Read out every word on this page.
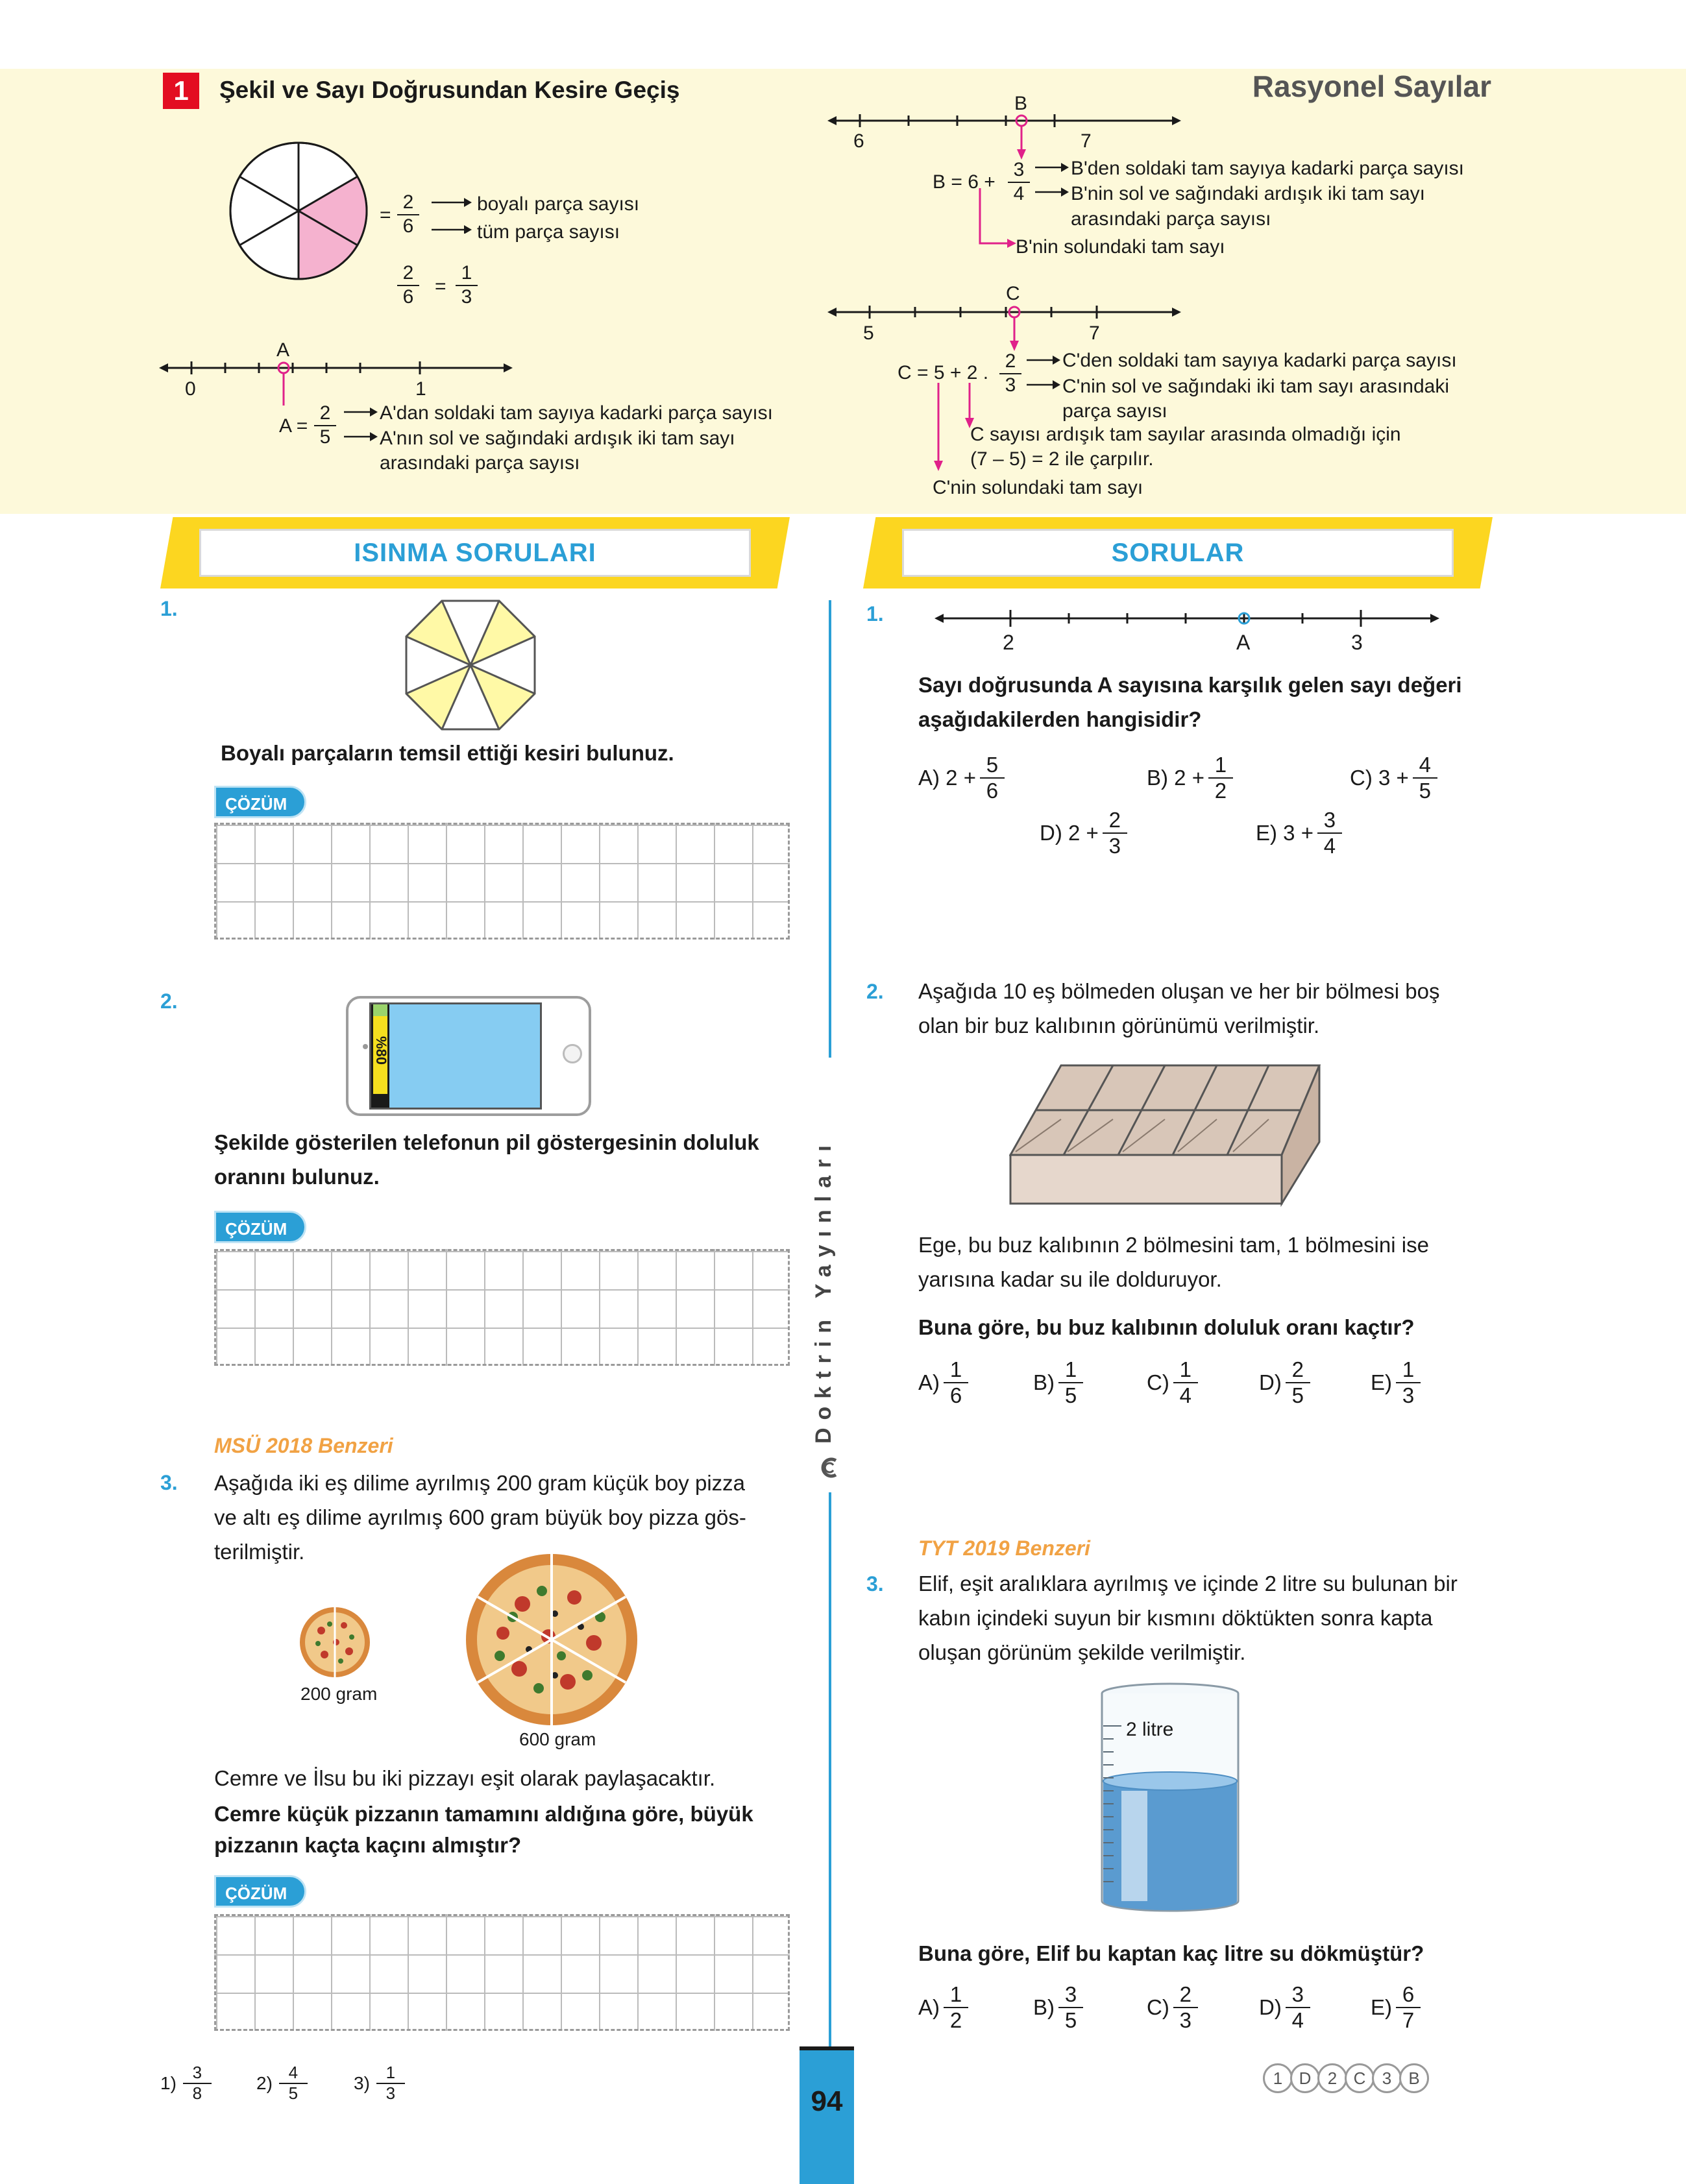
1	Şekil ve Sayı Doğrusundan Kesire Geçiş	Rasyonel Sayılar
=
2
6
boyalı parça sayısı
tüm parça sayısı
2
6 =
1
3
A
0	1
A =
2
5
A'dan soldaki tam sayıya kadarki parça sayısı
A'nın sol ve sağındaki ardışık iki tam sayı
arasındaki parça sayısı
B
6	7
B = 6 +
3
4
B'den soldaki tam sayıya kadarki parça sayısı
B'nin sol ve sağındaki ardışık iki tam sayı
arasındaki parça sayısı
B'nin solundaki tam sayı
C
5	7
C = 5 + 2 .
2
3
C'den soldaki tam sayıya kadarki parça sayısı
C'nin sol ve sağındaki iki tam sayı arasındaki
parça sayısı
C sayısı ardışık tam sayılar arasında olmadığı için
(7 – 5) = 2 ile çarpılır.
C'nin solundaki tam sayı
ISINMA SORULARI	SORULAR
Doktrin Yayınları
1.
Boyalı parçaların temsil ettiği kesiri bulunuz.
ÇÖZÜM
2.
%80
Şekilde gösterilen telefonun pil göstergesinin doluluk oranını bulunuz.
ÇÖZÜM
MSÜ 2018 Benzeri
3. Aşağıda iki eş dilime ayrılmış 200 gram küçük boy pizza
ve altı eş dilime ayrılmış 600 gram büyük boy pizza gös-
terilmiştir.
200 gram
600 gram
Cemre ve İlsu bu iki pizzayı eşit olarak paylaşacaktır.
Cemre küçük pizzanın tamamını aldığına göre, büyük
pizzanın kaçta kaçını almıştır?
ÇÖZÜM
1)
3
8	2)
4
5	3)
1
3	94
1.
2	A	3
Sayı doğrusunda A sayısına karşılık gelen sayı değeri
aşağıdakilerden hangisidir?
A) 2 +
5
6
B) 2 +
1
2
C) 3 +
4
5
D) 2 +
2
3
E) 3 +
3
4
2. Aşağıda 10 eş bölmeden oluşan ve her bir bölmesi boş
olan bir buz kalıbının görünümü verilmiştir.
Ege, bu buz kalıbının 2 bölmesini tam, 1 bölmesini ise
yarısına kadar su ile dolduruyor.
Buna göre, bu buz kalıbının doluluk oranı kaçtır?
A)
1
6
B)
1
5
C)
1
4
D)
2
5
E)
1
3
TYT 2019 Benzeri
3. Elif, eşit aralıklara ayrılmış ve içinde 2 litre su bulunan bir
kabın içindeki suyun bir kısmını döktükten sonra kapta
oluşan görünüm şekilde verilmiştir.
2 litre
Buna göre, Elif bu kaptan kaç litre su dökmüştür?
A)
1
2
B)
3
5
C)
2
3
D)
3
4
E)
6
7
1 D 2 C 3	B
